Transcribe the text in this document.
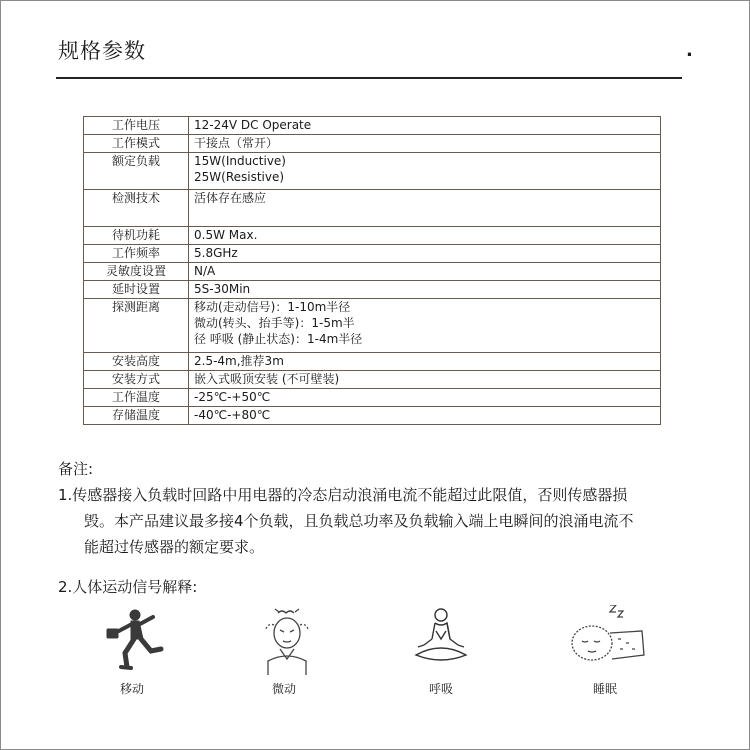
规格参数	.
工作电压	12-24V DC Operate
工作模式	干接点（常开）
额定负载	15W(Inductive)
25W(Resistive)

检测技术	活体存在感应
待机功耗	0.5W Max.
工作频率	5.8GHz
灵敏度设置	N/A
延时设置	5S-30Min
探测距离	移动(走动信号)：1-10m半径
微动(转头、抬手等)：1-5m半
径 呼吸 (静止状态)：1-4m半径

安装高度	2.5-4m,推荐3m
安装方式	嵌入式吸顶安装 (不可壁装)
工作温度	-25℃-+50℃
存储温度	-40℃-+80℃
备注:
1.传感器接入负载时回路中用电器的冷态启动浪涌电流不能超过此限值，否则传感器损
毁。本产品建议最多接4个负载，且负载总功率及负载输入端上电瞬间的浪涌电流不
能超过传感器的额定要求。
2.人体运动信号解释:
移动	微动	呼吸	睡眠
